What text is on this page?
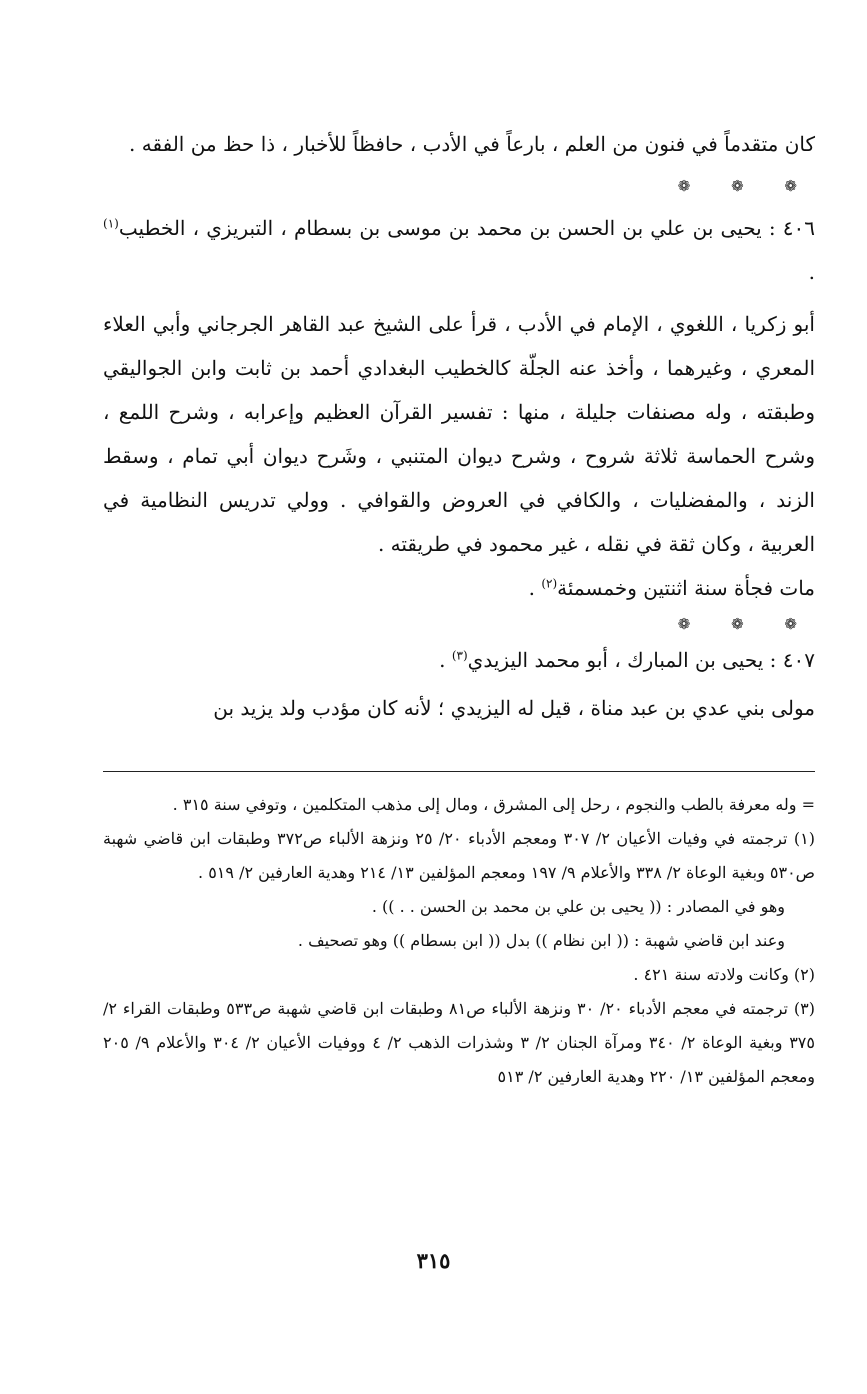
كان متقدماً في فنون من العلم ، بارعاً في الأدب ، حافظاً للأخبار ، ذا حظ من الفقه .

❁ ❁ ❁

٤٠٦ : يحيى بن علي بن الحسن بن محمد بن موسى بن بسطام ، التبريزي ، الخطيب$^{(١)}$ .

أبو زكريا ، اللغوي ، الإمام في الأدب ، قرأ على الشيخ عبد القاهر الجرجاني وأبي العلاء المعري ، وغيرهما ، وأخذ عنه الجلّة كالخطيب البغدادي أحمد بن ثابت وابن الجواليقي وطبقته ، وله مصنفات جليلة ، منها : تفسير القرآن العظيم وإعرابه ، وشرح اللمع ، وشرح الحماسة ثلاثة شروح ، وشرح ديوان المتنبي ، وشَرح ديوان أبي تمام ، وسقط الزند ، والمفضليات ، والكافي في العروض والقوافي . وولي تدريس النظامية في العربية ، وكان ثقة في نقله ، غير محمود في طريقته .

مات فجأة سنة اثنتين وخمسمئة$^{(٢)}$ .

❁ ❁ ❁

٤٠٧ : يحيى بن المبارك ، أبو محمد اليزيدي$^{(٣)}$ .

مولى بني عدي بن عبد مناة ، قيل له اليزيدي ؛ لأنه كان مؤدب ولد يزيد بن

= وله معرفة بالطب والنجوم ، رحل إلى المشرق ، ومال إلى مذهب المتكلمين ، وتوفي سنة ٣١٥ .

(١) ترجمته في وفيات الأعيان ٢/ ٣٠٧ ومعجم الأدباء ٢٠/ ٢٥ ونزهة الألباء ص٣٧٢ وطبقات ابن قاضي شهبة ص٥٣٠ وبغية الوعاة ٢/ ٣٣٨ والأعلام ٩/ ١٩٧ ومعجم المؤلفين ١٣/ ٢١٤ وهدية العارفين ٢/ ٥١٩ .

وهو في المصادر : (( يحيى بن علي بن محمد بن الحسن . . )) .

وعند ابن قاضي شهبة : (( ابن نظام )) بدل (( ابن بسطام )) وهو تصحيف .

(٢) وكانت ولادته سنة ٤٢١ .

(٣) ترجمته في معجم الأدباء ٢٠/ ٣٠ ونزهة الألباء ص٨١ وطبقات ابن قاضي شهبة ص٥٣٣ وطبقات القراء ٢/ ٣٧٥ وبغية الوعاة ٢/ ٣٤٠ ومرآة الجنان ٢/ ٣ وشذرات الذهب ٢/ ٤ ووفيات الأعيان ٢/ ٣٠٤ والأعلام ٩/ ٢٠٥ ومعجم المؤلفين ١٣/ ٢٢٠ وهدية العارفين ٢/ ٥١٣

٣١٥
